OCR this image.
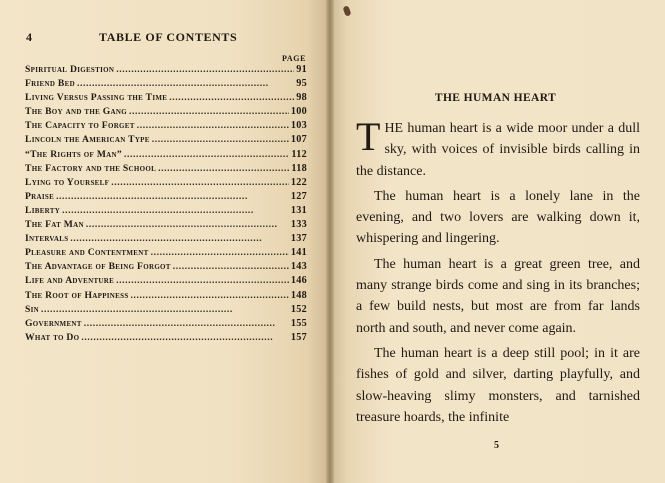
4	TABLE OF CONTENTS
PAGE
Spiritual Digestion . . .	91
Friend Bed . . .	95
Living Versus Passing the Time . . .	98
The Boy and the Gang . . .	100
The Capacity to Forget . . .	103
Lincoln the American Type . . .	107
“The Rights of Man” . . .	112
The Factory and the School . . .	118
Lying to Yourself . . .	122
Praise . . .	127
Liberty . . .	131
The Fat Man . . .	133
Intervals . . .	137
Pleasure and Contentment . . .	141
The Advantage of Being Forgot . . .	143
Life and Adventure . . .	146
The Root of Happiness . . .	148
Sin . . .	152
Government . . .	155
What to Do . . .	157
THE HUMAN HEART

THE human heart is a wide moor under a dull sky, with voices of invisible birds calling in the distance.

The human heart is a lonely lane in the evening, and two lovers are walking down it, whispering and lingering.

The human heart is a great green tree, and many strange birds come and sing in its branches; a few build nests, but most are from far lands north and south, and never come again.

The human heart is a deep still pool; in it are fishes of gold and silver, darting playfully, and slow-heaving slimy monsters, and tarnished treasure hoards, the infinite

5
